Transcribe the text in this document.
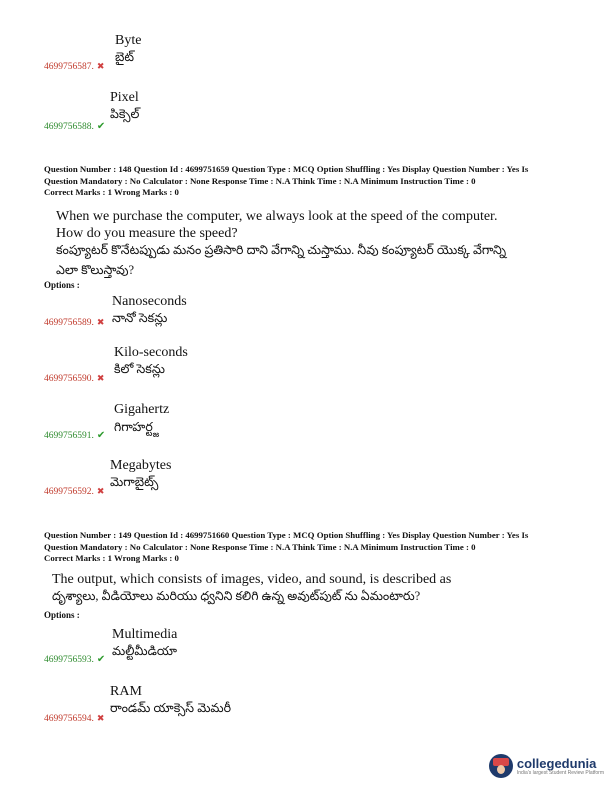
Byte
బైట్
4699756587. ✖
Pixel
పిక్సెల్
4699756588. ✔
Question Number : 148 Question Id : 4699751659 Question Type : MCQ Option Shuffling : Yes Display Question Number : Yes Is
Question Mandatory : No Calculator : None Response Time : N.A Think Time : N.A Minimum Instruction Time : 0
Correct Marks : 1 Wrong Marks : 0
When we purchase the computer, we always look at the speed of the computer.
How do you measure the speed?
కంప్యూటర్ కొనేటప్పుడు మనం ప్రతిసారి దాని వేగాన్ని చుస్తాము. నీవు కంప్యూటర్ యొక్క వేగాన్ని
ఎలా కొలుస్తావు?
Options :
Nanoseconds
నానో సెకన్లు
4699756589. ✖
Kilo-seconds
కిలో సెకన్లు
4699756590. ✖
Gigahertz
గిగాహర్ట్జ
4699756591. ✔
Megabytes
మెగాబైట్స్
4699756592. ✖
Question Number : 149 Question Id : 4699751660 Question Type : MCQ Option Shuffling : Yes Display Question Number : Yes Is
Question Mandatory : No Calculator : None Response Time : N.A Think Time : N.A Minimum Instruction Time : 0
Correct Marks : 1 Wrong Marks : 0
The output, which consists of images, video, and sound, is described as
దృశ్యాలు, వీడియోలు మరియు ధ్వనిని కలిగి ఉన్న అవుట్‌పుట్ ను ఏమంటారు?
Options :
Multimedia
మల్టీమీడియా
4699756593. ✔
RAM
రాండమ్ యాక్సెస్ మెమరీ
4699756594. ✖
collegedunia
India's largest Student Review Platform
